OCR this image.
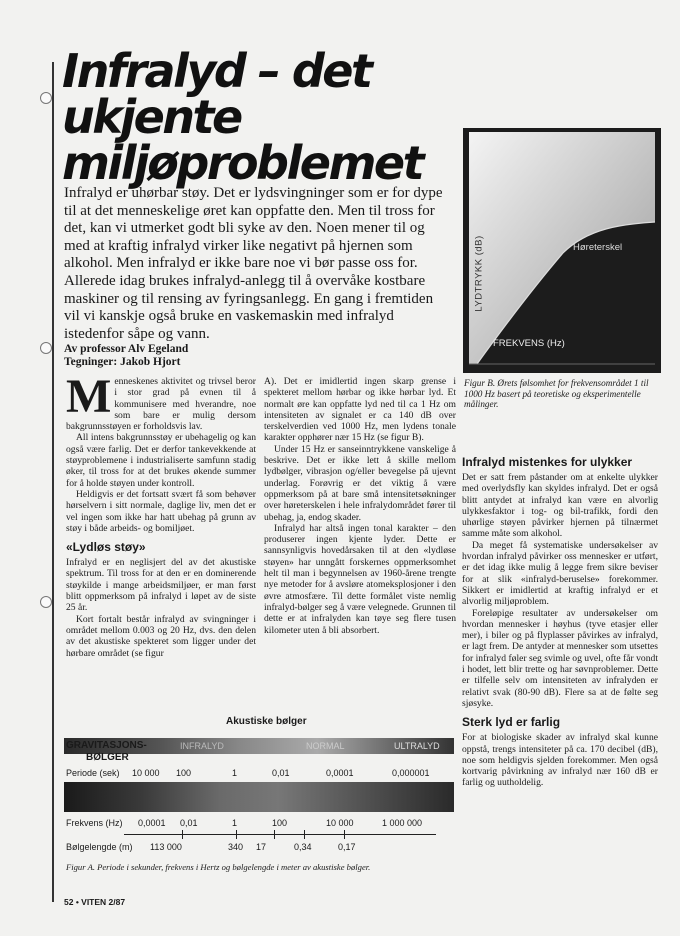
Infralyd – det ukjente miljøproblemet
Infralyd er uhørbar støy. Det er lydsvingninger som er for dype til at det menneskelige øret kan oppfatte den. Men til tross for det, kan vi utmerket godt bli syke av den. Noen mener til og med at kraftig infralyd virker like negativt på hjernen som alkohol. Men infralyd er ikke bare noe vi bør passe oss for. Allerede idag brukes infralyd-anlegg til å overvåke kostbare maskiner og til rensing av fyringsanlegg. En gang i fremtiden vil vi kanskje også bruke en vaskemaskin med infralyd istedenfor såpe og vann.
Av professor Alv Egeland
Tegninger: Jakob Hjort
LYDTRYKK (dB)	Høreterskel
FREKVENS (Hz)
Figur B. Ørets følsomhet for frekvensområdet 1 til 1000 Hz basert på teoretiske og eksperimentelle målinger.

Menneskenes aktivitet og trivsel beror i stor grad på evnen til å kommunisere med hverandre, noe som bare er mulig dersom bakgrunnsstøyen er forholdsvis lav.

All intens bakgrunnsstøy er ubehagelig og kan også være farlig. Det er derfor tankevekkende at støyproblemene i industrialiserte samfunn stadig øker, til tross for at det brukes økende summer for å holde støyen under kontroll.

Heldigvis er det fortsatt svært få som behøver hørselvern i sitt normale, daglige liv, men det er vel ingen som ikke har hatt ubehag på grunn av støy i både arbeids- og bomiljøet.

«Lydløs støy»

Infralyd er en neglisjert del av det akustiske spektrum. Til tross for at den er en dominerende støykilde i mange arbeidsmiljøer, er man først blitt oppmerksom på infralyd i løpet av de siste 25 år.

Kort fortalt består infralyd av svingninger i området mellom 0.003 og 20 Hz, dvs. den delen av det akustiske spekteret som ligger under det hørbare området (se figur

A). Det er imidlertid ingen skarp grense i spekteret mellom hørbar og ikke hørbar lyd. Et normalt øre kan oppfatte lyd ned til ca 1 Hz om intensiteten av signalet er ca 140 dB over terskelverdien ved 1000 Hz, men lydens tonale karakter opphører nær 15 Hz (se figur B).

Under 15 Hz er sanseinntrykkene vanskelige å beskrive. Det er ikke lett å skille mellom lydbølger, vibrasjon og/eller bevegelse på ujevnt underlag. Forøvrig er det viktig å være oppmerksom på at bare små intensitetsøkninger over høreterskelen i hele infralydområdet fører til ubehag, ja, endog skader.

Infralyd har altså ingen tonal karakter – den produserer ingen kjente lyder. Dette er sannsynligvis hovedårsaken til at den «lydløse støyen» har unngått forskernes oppmerksomhet helt til man i begynnelsen av 1960-årene trengte nye metoder for å avsløre atomeksplosjoner i den øvre atmosfære. Til dette formålet viste nemlig infralyd-bølger seg å være velegnede. Grunnen til dette er at infralyden kan tøye seg flere tusen kilometer uten å bli absorbert.

Infralyd mistenkes for ulykker

Det er satt frem påstander om at enkelte ulykker med overlydsfly kan skyldes infralyd. Det er også blitt antydet at infralyd kan være en alvorlig ulykkesfaktor i tog- og bil-trafikk, fordi den uhørlige støyen påvirker hjernen på tilnærmet samme måte som alkohol.

Da meget få systematiske undersøkelser av hvordan infralyd påvirker oss mennesker er utført, er det idag ikke mulig å legge frem sikre beviser for at slik «infralyd-beruselse» forekommer. Sikkert er imidlertid at kraftig infralyd er et alvorlig miljøproblem.

Foreløpige resultater av undersøkelser om hvordan mennesker i høyhus (tyve etasjer eller mer), i biler og på flyplasser påvirkes av infralyd, er lagt frem. De antyder at mennesker som utsettes for infralyd føler seg svimle og uvel, ofte får vondt i hodet, lett blir trette og har søvnproblemer. Dette er tilfelle selv om intensiteten av infralyden er relativt svak (80-90 dB). Flere sa at de følte seg sjøsyke.

Sterk lyd er farlig

For at biologiske skader av infralyd skal kunne oppstå, trengs intensiteter på ca. 170 decibel (dB), noe som heldigvis sjelden forekommer. Men også kortvarig påvirkning av infralyd nær 160 dB er farlig og uutholdelig.

Akustiske bølger
GRAVITASJONS-
BØLGER
INFRALYD	NORMAL	ULTRALYD
Periode (sek) 10 000 100	1	0,01	0,0001	0,000001
Frekvens (Hz) 0,0001 0,01	1	100	10 000	1 000 000
Bølgelengde (m) 113 000	340 17	0,34	0,17
Figur A. Periode i sekunder, frekvens i Hertz og bølgelengde i meter av akustiske bølger.
52 • VITEN 2/87
